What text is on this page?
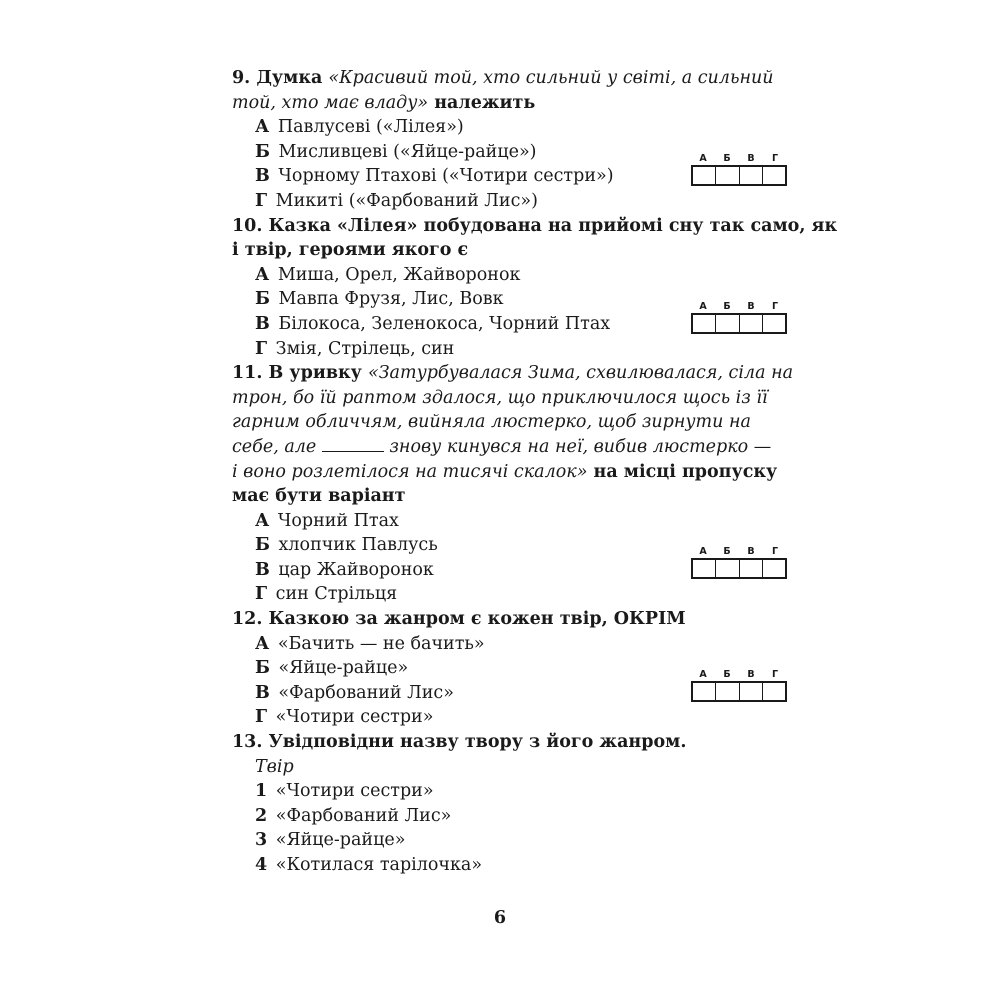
9. Думка «Красивий той, хто сильний у світі, а сильний
той, хто має владу» належить
А Павлусеві («Лілея»)
Б Мисливцеві («Яйце-райце»)
В Чорному Птахові («Чотири сестри»)
Г Микиті («Фарбований Лис»)
А	Б	В	Г
10. Казка «Лілея» побудована на прийомі сну так само, як
і твір, героями якого є
А Миша, Орел, Жайворонок
Б Мавпа Фрузя, Лис, Вовк
В Білокоса, Зеленокоса, Чорний Птах
Г Змія, Стрілець, син
А	Б	В	Г
11. В уривку «Затурбувалася Зима, схвилювалася, сіла на
трон, бо їй раптом здалося, що приключилося щось із її
гарним обличчям, вийняла люстерко, щоб зирнути на
себе, але	знову кинувся на неї, вибив люстерко —
і воно розлетілося на тисячі скалок» на місці пропуску
має бути варіант
А Чорний Птах
Б хлопчик Павлусь
В цар Жайворонок
Г син Стрільця
А	Б	В	Г
12. Казкою за жанром є кожен твір, ОКРІМ
А «Бачить — не бачить»
Б «Яйце-райце»
В «Фарбований Лис»
Г «Чотири сестри»
А	Б	В	Г
13. Увідповідни назву твору з його жанром.
Твір
1 «Чотири сестри»
2 «Фарбований Лис»
3 «Яйце-райце»
4 «Котилася тарілочка»
6
